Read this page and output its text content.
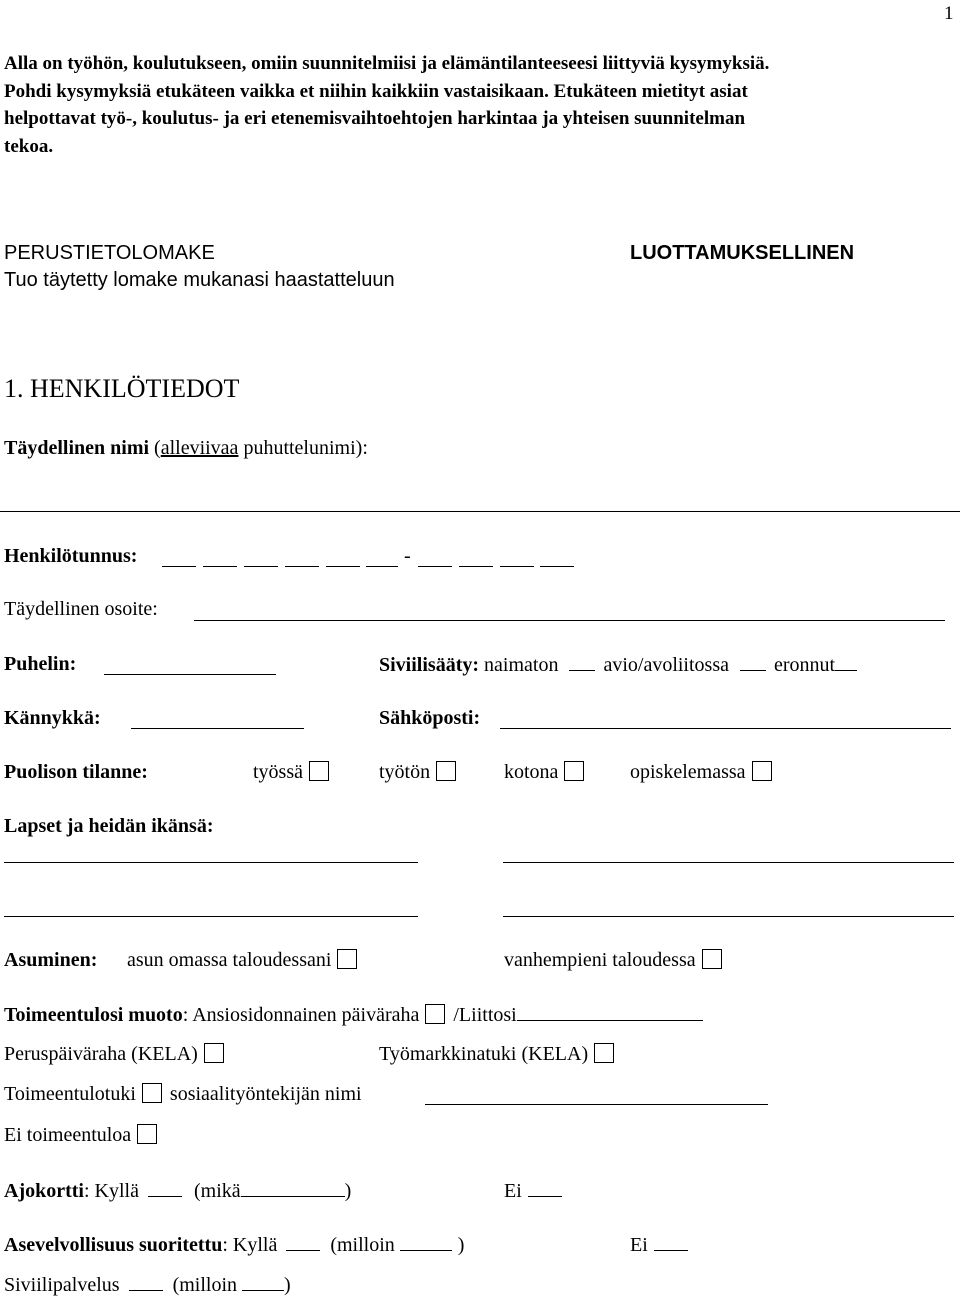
1
Alla on työhön, koulutukseen, omiin suunnitelmiisi ja elämäntilanteeseesi liittyviä kysymyksiä.
Pohdi kysymyksiä etukäteen vaikka et niihin kaikkiin vastaisikaan. Etukäteen mietityt asiat
helpottavat työ-, koulutus- ja eri etenemisvaihtoehtojen harkintaa ja yhteisen suunnitelman
tekoa.
PERUSTIETOLOMAKE
Tuo täytetty lomake mukanasi haastatteluun
LUOTTAMUKSELLINEN
1. HENKILÖTIEDOT
Täydellinen nimi (alleviivaa puhuttelunimi):
Henkilötunnus:	-
Täydellinen osoite:
Puhelin:	Siviilisääty: naimaton avio/avoliitossa eronnut
Kännykkä:	Sähköposti:
Puolison tilanne:	työssä	työtön	kotona	opiskelemassa
Lapset ja heidän ikänsä:
Asuminen: asun omassa taloudessani	vanhempieni taloudessa
Toimeentulosi muoto: Ansiosidonnainen päiväraha /Liittosi
Peruspäiväraha (KELA)	Työmarkkinatuki (KELA)
Toimeentulotuki sosiaalityöntekijän nimi
Ei toimeentuloa
Ajokortti: Kyllä	(mikä	)	Ei
Asevelvollisuus suoritettu: Kyllä	(milloin	)	Ei
Siviilipalvelus	(milloin )
